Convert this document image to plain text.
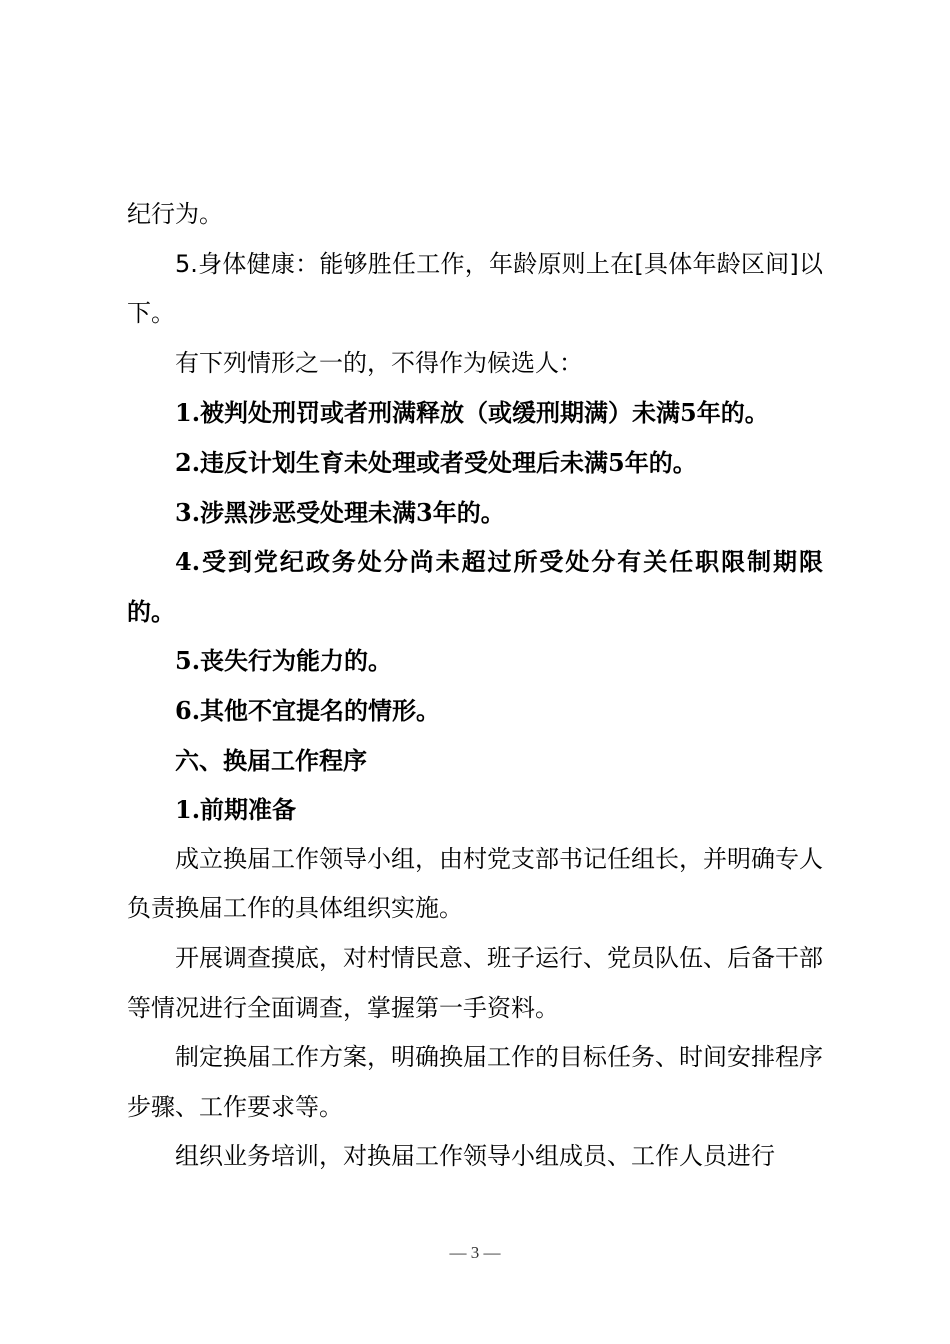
纪行为。

5.身体健康：能够胜任工作，年龄原则上在[具体年龄区间]以下。

有下列情形之一的，不得作为候选人：

1.被判处刑罚或者刑满释放（或缓刑期满）未满5年的。

2.违反计划生育未处理或者受处理后未满5年的。

3.涉黑涉恶受处理未满3年的。

4.受到党纪政务处分尚未超过所受处分有关任职限制期限的。

5.丧失行为能力的。

6.其他不宜提名的情形。

六、换届工作程序

1.前期准备

成立换届工作领导小组，由村党支部书记任组长，并明确专人负责换届工作的具体组织实施。

开展调查摸底，对村情民意、班子运行、党员队伍、后备干部等情况进行全面调查，掌握第一手资料。

制定换届工作方案，明确换届工作的目标任务、时间安排程序步骤、工作要求等。

组织业务培训，对换届工作领导小组成员、工作人员进行

— 3 —
